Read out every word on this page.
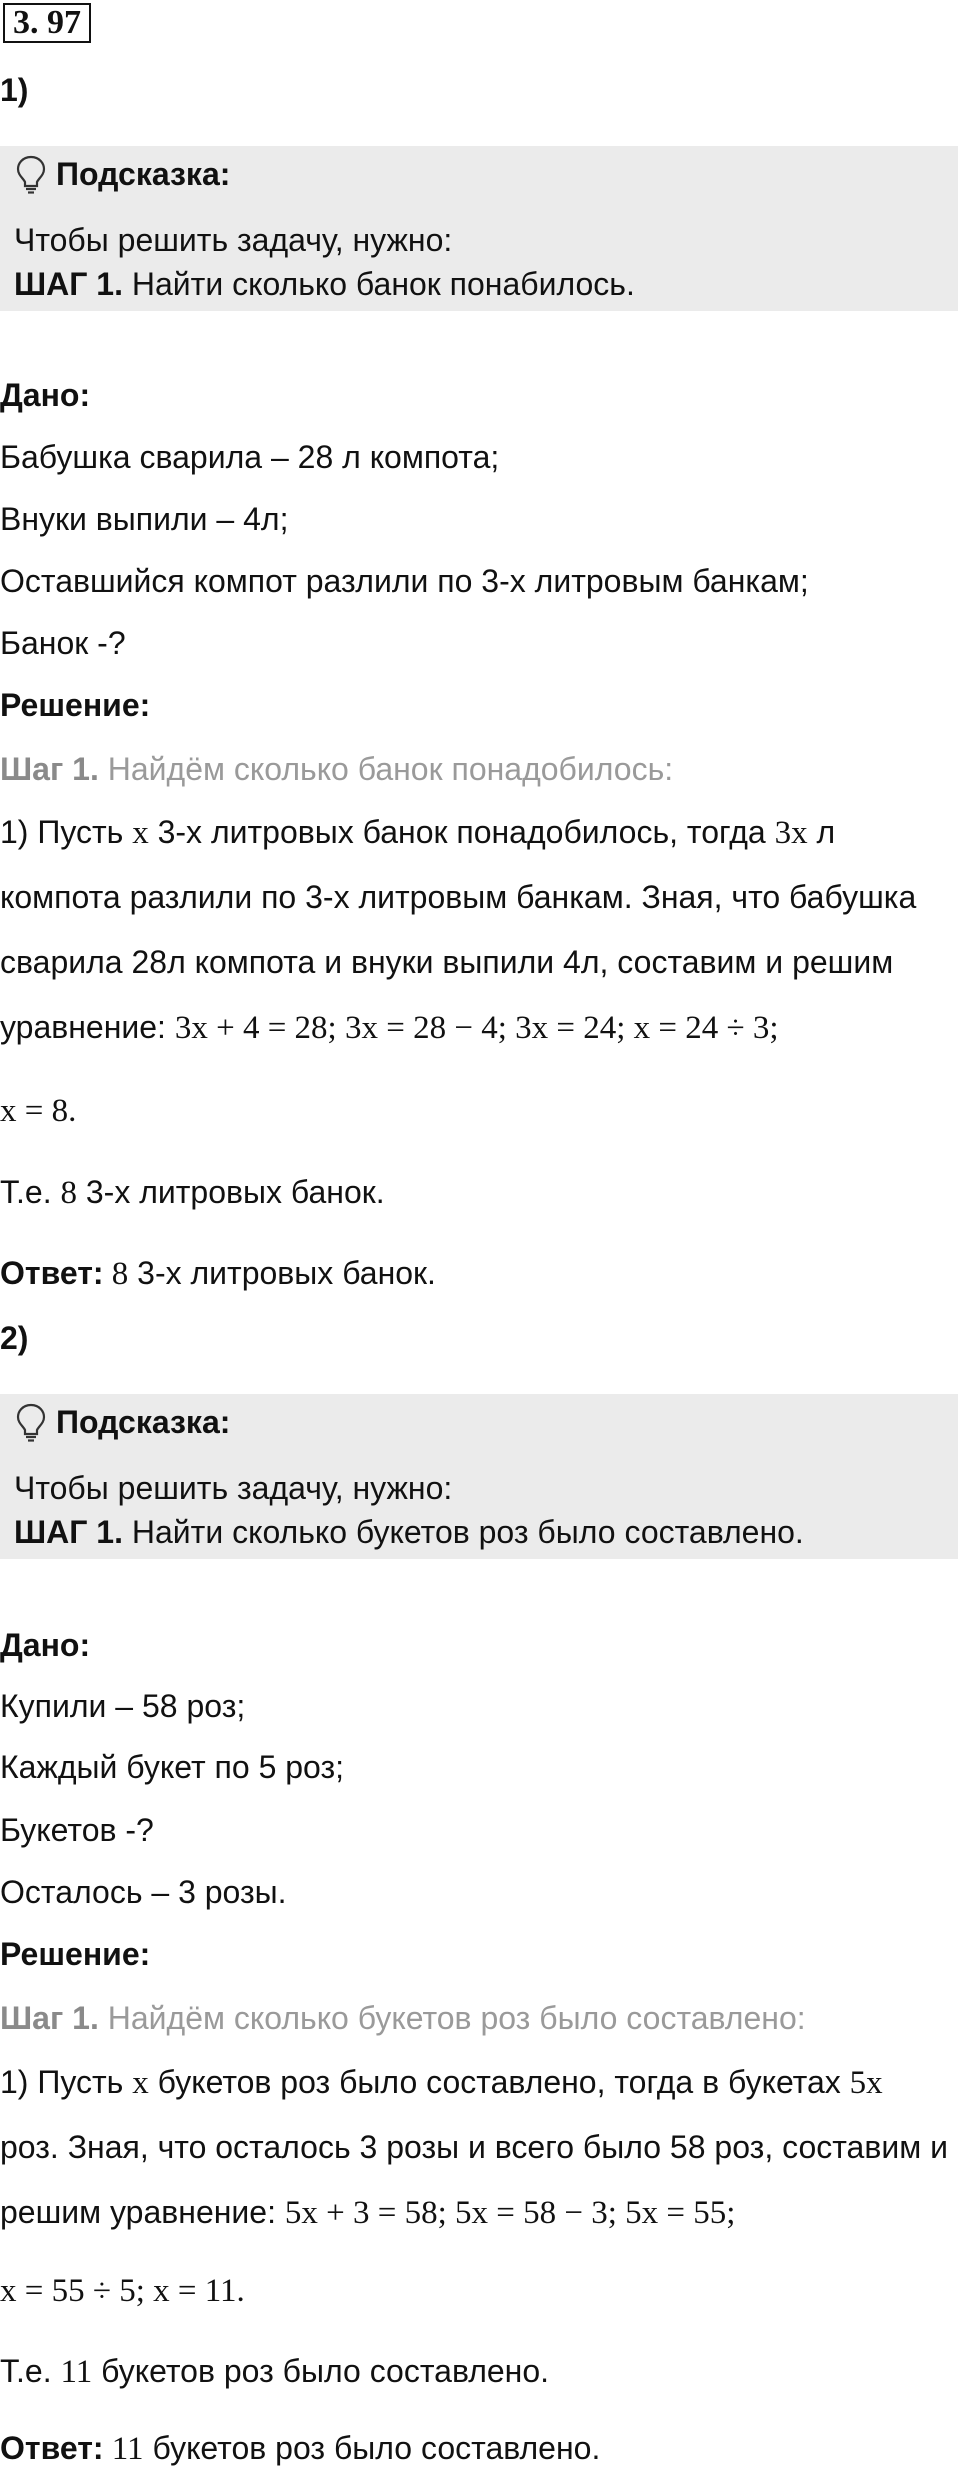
3. 97
1)
Подсказка:
Чтобы решить задачу, нужно:
ШАГ 1. Найти сколько банок понабилось.
Дано:
Бабушка сварила – 28 л компота;
Внуки выпили – 4л;
Оставшийся компот разлили по 3-х литровым банкам;
Банок -?
Решение:
Шаг 1. Найдём сколько банок понадобилось:
1) Пусть x 3-х литровых банок понадобилось, тогда 3x л
компота разлили по 3-х литровым банкам. Зная, что бабушка
сварила 28л компота и внуки выпили 4л, составим и решим
уравнение: 3x + 4 = 28; 3x = 28 − 4; 3x = 24; x = 24 ÷ 3;
x = 8.
Т.е. 8 3-х литровых банок.
Ответ: 8 3-х литровых банок.
2)
Подсказка:
Чтобы решить задачу, нужно:
ШАГ 1. Найти сколько букетов роз было составлено.
Дано:
Купили – 58 роз;
Каждый букет по 5 роз;
Букетов -?
Осталось – 3 розы.
Решение:
Шаг 1. Найдём сколько букетов роз было составлено:
1) Пусть x букетов роз было составлено, тогда в букетах 5x
роз. Зная, что осталось 3 розы и всего было 58 роз, составим и
решим уравнение: 5x + 3 = 58; 5x = 58 − 3; 5x = 55;
x = 55 ÷ 5; x = 11.
Т.е. 11 букетов роз было составлено.
Ответ: 11 букетов роз было составлено.
